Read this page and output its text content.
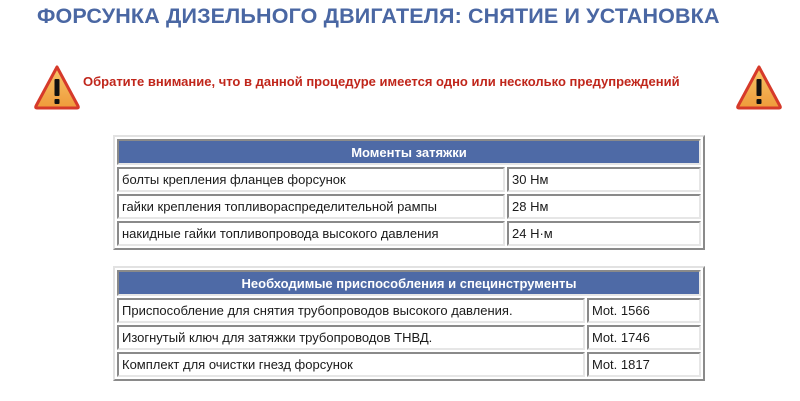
ФОРСУНКА ДИЗЕЛЬНОГО ДВИГАТЕЛЯ: СНЯТИЕ И УСТАНОВКА
Обратите внимание, что в данной процедуре имеется одно или несколько предупреждений
Моменты затяжки	
болты крепления фланцев форсунок	30 Нм
гайки крепления топливораспределительной рампы	28 Нм
накидные гайки топливопровода высокого давления	24 Н·м
Необходимые приспособления и специнструменты	
Приспособление для снятия трубопроводов высокого давления.	Mot. 1566
Изогнутый ключ для затяжки трубопроводов ТНВД.	Mot. 1746
Комплект для очистки гнезд форсунок	Mot. 1817
